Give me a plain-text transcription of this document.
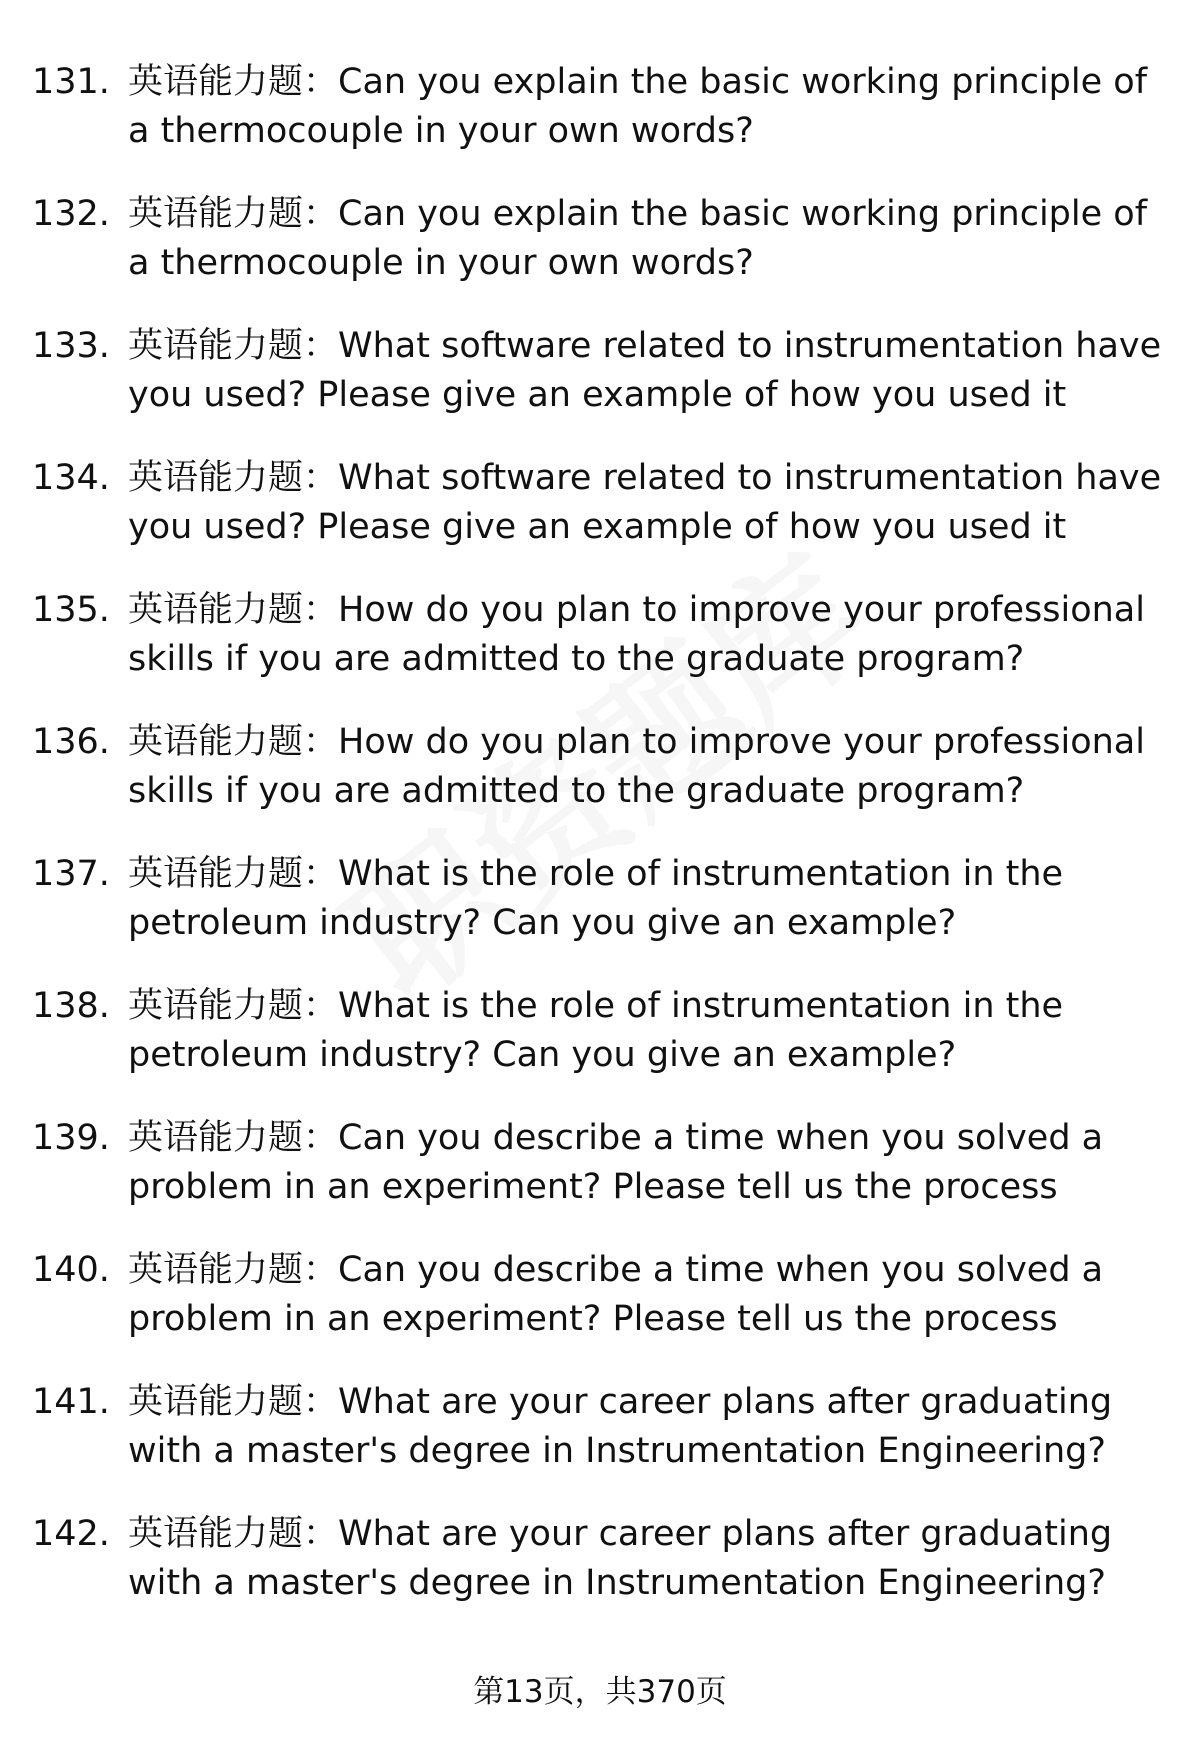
131. 英语能力题：Can you explain the basic working principle of a thermocouple in your own words?
132. 英语能力题：Can you explain the basic working principle of a thermocouple in your own words?
133. 英语能力题：What software related to instrumentation have you used? Please give an example of how you used it
134. 英语能力题：What software related to instrumentation have you used? Please give an example of how you used it
135. 英语能力题：How do you plan to improve your professional skills if you are admitted to the graduate program?
136. 英语能力题：How do you plan to improve your professional skills if you are admitted to the graduate program?
137. 英语能力题：What is the role of instrumentation in the petroleum industry? Can you give an example?
138. 英语能力题：What is the role of instrumentation in the petroleum industry? Can you give an example?
139. 英语能力题：Can you describe a time when you solved a problem in an experiment? Please tell us the process
140. 英语能力题：Can you describe a time when you solved a problem in an experiment? Please tell us the process
141. 英语能力题：What are your career plans after graduating with a master's degree in Instrumentation Engineering?
142. 英语能力题：What are your career plans after graduating with a master's degree in Instrumentation Engineering?
第13页，共370页
